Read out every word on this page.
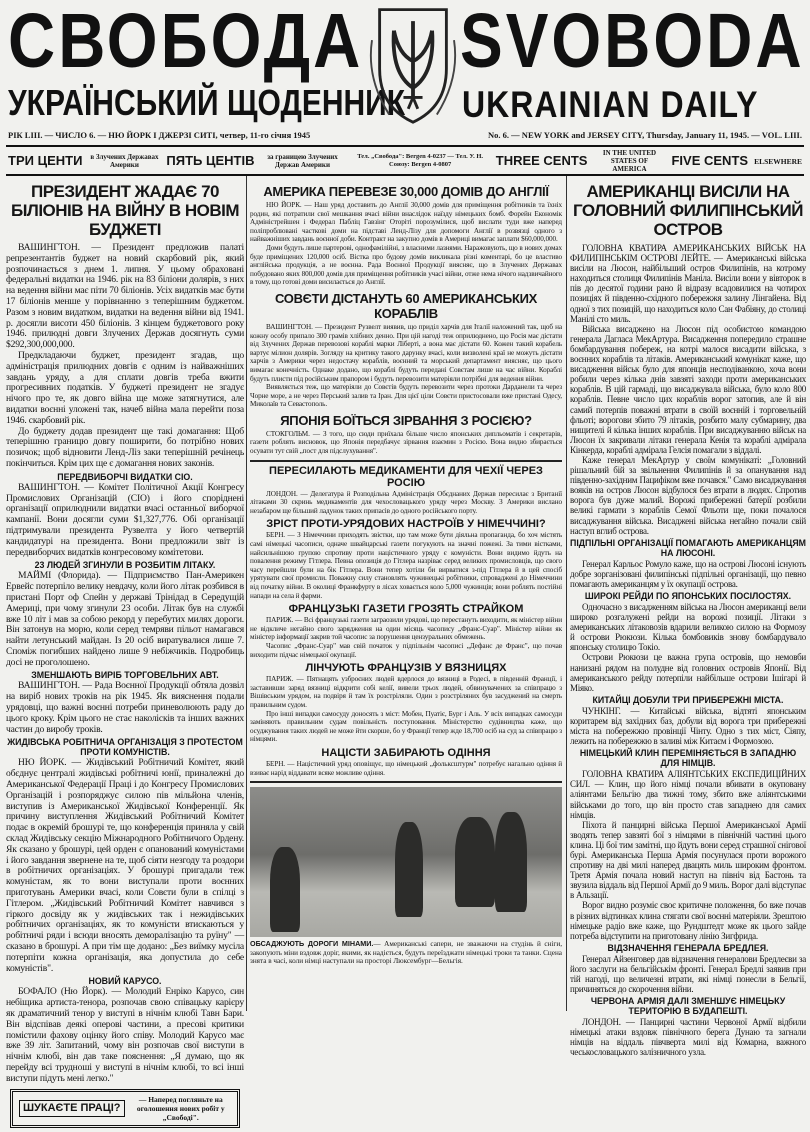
СВОБОДА SVOBODA
УКРАЇНСЬКИЙ ЩОДЕННИК UKRAINIAN DAILY
РІК LIII. — ЧИСЛО 6. — НЮ ЙОРК І ДЖЕРЗІ СИТІ, четвер, 11-го січня 1945	No. 6. — NEW YORK and JERSEY CITY, Thursday, January 11, 1945. — VOL. LIII.
ТРИ ЦЕНТИ в Злучених Державах Америки	ПЯТЬ ЦЕНТІВ	за границею Злучених Держав Америки
Тел. „Свобода": Bergen 4-0237 — Тел. У. Н. Союзу: Bergen 4-0807	THREE CENTS	IN THE UNITED STATES OF AMERICA
FIVE CENTS ELSEWHERE
ПРЕЗИДЕНТ ЖАДАЄ 70 БІЛІОНІВ НА ВІЙНУ В НОВІМ БУДЖЕТІ

ВАШИНГТОН. — Президент предложив палаті репрезентантів буджет на новий скарбовий рік, який розпочинається з днем 1. липня. У цьому обраховані федеральні видатки на 1946. рік на 83 біліони долярів, з них на ведення війни має піти 70 біліонів. Усіх видатків має бути 17 біліонів менше у порівнанню з теперішним буджетом. Разом з новим видатком, видатки на ведення війни від 1941. р. досягли висоти 450 біліонів. З кінцем буджетового року 1946. прилюдні довги Злучених Держав досягнуть суми $292,300,000,000.

Предкладаючи буджет, президент згадав, що адміністрація прилюдних довгів є одним із найважніших завдань уряду, а для сплати довгів треба вжити прогресивних податків. У буджеті президент не згадує нічого про те, як довго війна ще може затягнутися, але видатки воєнні уложені так, начеб війна мала перейти поза 1946. скарбовий рік.

До буджету додав президент ще такі домагання: Щоб теперішню границю довгу поширити, бо потрібно нових позичок; щоб відновити Ленд-Ліз заки теперішній речінець покінчиться. Крім цих ще є домагання нових законів.

ПЕРЕДВИБОРЧІ ВИДАТКИ СІО.

ВАШИНГТОН. — Комітет Політичної Акції Конгресу Промислових Організацій (СІО) і його споріднені організації оприлюднили видатки вчасі останньої виборчої кампанії. Вони досягли суми $1,327,776. Обі організації підтримували президента Рузвелта у його четвертій кандидатурі на президента. Вони предложили звіт із передвиборчих видатків конгресовому комітетови.

23 ЛЮДЕЙ ЗГИНУЛИ В РОЗБИТІМ ЛІТАКУ.

МАЙМІ (Флорида). — Підприємство Пан-Америкен Ервейс потерпіло велику невдачу, коли його літак розбився в пристані Порт оф Спейн у державі Трінідад в Середущій Америці, при чому згинули 23 особи. Літак був на службі вже 10 літ і мав за собою рекорд у перебутих милях дороги. Він затонув на морю, коли серед темряви пільот намагався найти летунський майдан. Із 20 осіб виратувалися лише 7. Споміж погибших найдено лише 9 небіжчиків. Подробиць досі не проголошено.

ЗМЕНШАЮТЬ ВИРІБ ТОРГОВЕЛЬНИХ АВТ.

ВАШИНГТОН. — Рада Воєнної Продукції обтяла дозвіл на виріб нових троків на рік 1945. Як вияснення подали урядовці, що важні воєнні потреби приневолюють раду до цього кроку. Крім цього не стає наколісків та інших важних частин до виробу троків.

ЖИДІВСЬКА РОБІТНИЧА ОРГАНІЗАЦІЯ З ПРОТЕСТОМ ПРОТИ КОМУНІСТІВ.

НЮ ЙОРК. — Жидівський Робітничий Комітет, який обєднує централі жидівські робітничі юнії, приналежні до Американської Федерації Праці і до Конгресу Промислових Організацій і розпоряджує силою пів мільйона членів, виступив із Американської Жидівської Конференції. Як причину виступлення Жидівський Робітничий Комітет подає в окремій брошурі те, що конференція приняла у свій склад Жидівську секцію Міжнародного Робітничого Ордену. Як сказано у брошурі, цей орден є опанований комуністами і його завдання звернене на те, щоб сіяти незгоду та роздори в робітничих організаціях. У брошурі пригадали теж комуністам, як то вони виступали проти воєнних приготувань Америки вчасі, коли Совєти були в спілці з Гітлером. „Жидівський Робітничий Комітет навчився з гіркого досвіду як у жидівських так і нежидівських робітничих організаціях, як то комуністи втискаються у робітничі ряди і всюди вносять деморалізацію та руїну" — сказано в брошурі. А при тім ще додано: „Без виїмку мусіла потерпіти кожна організація, яка допустила до себе комуністів".

НОВИЙ КАРУСО.

БОФАЛО (Ню Йорк). — Молодий Енріко Карусо, син небіщика артиста-тенора, розпочав свою співацьку карієру як драматичний тенор у виступі в нічнім клюбі Тавн Бари. Він відспівав деякі оперові частини, а пресові критики помістили фахову оцінку його співу. Молодий Карусо має вже 39 літ. Запитаний, чому він розпочав свої виступи в нічнім клюбі, він дав таке пояснення: „Я думаю, що як перейду всі трудноші у виступі в нічнім клюбі, то всі інші виступи підуть мені легко."

ШУКАЄТЕ ПРАЦІ?
— Наперед погляньте на оголошення нових робіт у „Свободі".
АМЕРИКА ПЕРЕВЕЗЕ 30,000 ДОМІВ ДО АНГЛІЇ

НЮ ЙОРК. — Наш уряд доставить до Англії 30,000 домів для приміщення робітників та їхніх родин, які потратили свої мешкання вчасі війни внаслідок наїзду німецьких бомб. Форейн Економік Адміністрейшен і Федерал Пабліц Гавзінг Оторіті порозумілися, щоб вислати туди вже наперед поліпроблювані часткові доми на підставі Ленд-Лізу для допомоги Англії в розвязці одного з найважніших завдань воєнної доби. Контракт на закупно домів в Америці вимагає заплати $60,000,000.

Доми будуть лише партерові, однофамілійні, з власними лазнями. Наражовують, що в нових домах буде приміщених 120,000 осіб. Вістка про будову домів викликала різні коментарі, бо це властиво англійська продукція, а не воєнна. Рада Воєнної Продукції виясняє, що в Злучених Державах побудовано яких 800,000 домів для приміщення робітників учасі війни, отже нема нічого надзвичайного в тому, що готові доми висилається до Англії.

СОВЄТИ ДІСТАНУТЬ 60 АМЕРИКАНСЬКИХ КОРАБЛІВ

ВАШИНГТОН. — Президент Рузвелт виявив, що приділ харчів для Італії наложений так, щоб на кожну особу припало 300 грамів хлібних денно. При цій нагоді теж оприлюднено, що Росія має дістати від Злучених Держав перевозові кораблі марки Ліберті, а вона має дістати 60. Кожен такий корабель вартує мілион долярів. Зогляду на критику такого дарунку вчасі, коли визволені краї не можуть дістати харчів з Америки через недостачу кораблів, воєнний та морський департамент виясняє, що цього вимагає конечність. Однаке додано, що кораблі будуть передані Совєтам лише на час війни. Кораблі будуть плисти під російським прапором і будуть перевозити матеріяли потрібні для ведення війни.

Виявляється теж, що матеріяли до Совєтів будуть перевозити через протоки Дарданели та через Чорне море, а не через Перський залив та Іран. Для цієї ціли Совєти пристосовали вже пристані Одесу, Миколаїв та Севастополь.

ЯПОНІЯ БОЇТЬСЯ ЗІРВАННЯ З РОСІЄЮ?

СТОКГОЛЬМ. — З того, що сюди приїхала більше число японських дипльоматів і секретарів, газети роблять висновок, що Японія передбачує зірвання взаємин з Росією. Вона видно збирається осувати тут свій „пост для підслухування".

ПЕРЕСИЛАЮТЬ МЕДИКАМЕНТИ ДЛЯ ЧЕХІЇ ЧЕРЕЗ РОСІЮ

ЛОНДОН. — Делегатура й Розподільна Адміністрація Обєднаних Держав пересилає з Британії літаками 30 скринь медикаментів для чехословацького уряду через Москву. З Америки вислано незабаром ще більший ладунок таких припасів до одного російського порту.

ЗРІСТ ПРОТИ-УРЯДОВИХ НАСТРОЇВ У НІМЕЧЧИНІ?

БЕРН. — З Німеччини приходять звістки, що там може бути діяльна пропаганда, бо хоч містять самі німецькі часописи, одначе швайцарські газети погукують на значні пожежі. За тими вістками, найсильнішою групою спротиву проти націстичного уряду є комуністи. Вони видимо йдуть на повалення режиму Гітлера. Певна опозиція до Гітлера назріває серед великих промисловців, що свого часу перейшли були на бік Гітлера. Вони тепер хотіли би вирватися з-під Гітлера й в цей спосіб урятувати свої промисли. Поважну силу становлять чужинецькі робітники, спроваджені до Німеччини від початку війни. В околиці Франкфурту в лісах ховається коло 5,000 чужинців; вони роблять постійні напади на села й фарми.

ФРАНЦУЗЬКІ ГАЗЕТИ ГРОЗЯТЬ СТРАЙКОМ

ПАРИЖ. — Всі французькі газети заграозили урядові, що перестануть виходити, як міністер війни не відкличе негайно свого зарядження на один місяць часопису „Франс-Суар". Міністер війни як міністер інформації закрив той часопис за порушення цензуральних обмежень.

Часопис „Франс-Суар" мав свій початок у підпільнім часописі „Дефанс де Франс", що почав виходити підчас німецької окупації.

ЛІНЧУЮТЬ ФРАНЦУЗІВ У ВЯЗНИЦЯХ

ПАРИЖ. — Пятнацять узброєних людей вдерлося до вязниці в Родесі, в південній Франції, і заставивши заряд вязниці відкрити собі келії, вивели трьох людей, обвинувачених за співпрацю з Вішівським урядом, на подвіря й там їх розстріляли. Один з розстріляних був засуджений на смерть правильним судом.

Про інші випадки самосуду доносять з міст: Мобен, Пуатіє, Бург і Аль. У всіх випадках самосуди заміняють правильним судам повільність поступовання. Міністерство судівництва каже, що осуджування таких людей не може йти скорше, бо у Франції тепер жде 18,700 осіб на суд за співпрацю з німцями.

НАЦІСТИ ЗАБИРАЮТЬ ОДІННЯ

БЕРН. — Націстичний уряд оповіщує, що німецький „фольксштурм" потребує нагально одіння й взиває нарід віддавати всяке можливе одіння.

ОБСАДЖУЮТЬ ДОРОГИ МІНАМИ.— Американські сапери, не зважаючи на студінь й сніги, закопують міни вздовж доріг, якими, як надіється, будуть переїзджати німецькі троки та танки. Сцена знята в часі, коли німці наступали на просторі Люксембург—Бельгія.
АМЕРИКАНЦІ ВИСІЛИ НА ГОЛОВНИЙ ФИЛИПІНСЬКИЙ ОСТРОВ

ГОЛОВНА КВАТИРА АМЕРИКАНСЬКИХ ВІЙСЬК НА ФИЛИПІНСЬКІМ ОСТРОВІ ЛЕЙТЕ. — Американські війська висіли на Люсон, найбільший остров Филипінів, на котрому находиться столиця Филипінів Маніла. Висіли вони у вівторок в пів до десятої години рано й відразу всадовилися на чотирох позиціях й південно-східного побережжя залину Лінгайена. Від одної з тих позицій, що находиться коло Сан Фабіяну, до столиці Манілі сто миль.

Війська висаджено на Люсон під особистою командою генерала Дагласа МекАртура. Висадження попередило страшне бомбардування побереж, на котрі малося висадити війська, з воєнних кораблів та літаків. Американський комунікат каже, що висадження військ було для японців несподіванкою, хоча вони робили через кілька днів завзяті заходи проти американських кораблів. В цій гармаді, що висаджувала війська, було коло 800 кораблів. Певне число цих кораблів ворог затопив, але й він самий потерпів поважні втрати в своїй воєнній і торговельній фльоті; ворогови збито 79 літаків, розбито малу субмарину, два нищителі й кілька інших кораблів. При висаджуванню військ на Люсон їх закривали літаки генерала Кенія та кораблі адмірала Кінкерда, кораблі адмірала Гелсія помагали з віддалі.

Каже генерал МекАртур у своїм комунікаті: „Головний рішальний бій за звільнення Филипінів й за опанування над південно-західним Пацифіком вже почався." Само висаджування вояків на остров Люсон відбулося без втрати в людях. Спротив ворога був дуже малий. Ворожі прибережні батерії розбили великі гармати з кораблів Семої Фльоти ще, поки почалося висаджування війська. Висаджені війська негайно почали свій наступ вглиб острова.

ПІДПІЛЬНІ ОРГАНІЗАЦІЇ ПОМАГАЮТЬ АМЕРИКАНЦЯМ НА ЛЮСОНІ.

Генерал Карльос Ромуло каже, що на острові Люсоні існують добре зорганізовані филипінські підпільні організації, що певно помагають американцям у їх окупації острова.

ШИРОКІ РЕЙДИ ПО ЯПОНСЬКИХ ПОСІЛОСТЯХ.

Одночасно з висадженням війська на Люсон американці вели широко розгалужені рейди на ворожі позиції. Літаки з американських літаковозів вдарили великою силою на Формозу й острови Рюкюзи. Кілька бомбовиків знову бомбардувало японську столицю Токіо.

Острови Рюкюзи це важна група островів, що немовби нанизані рядом на полудне від головних островів Японії. Від американського рейду потерпіли найбільше острови Ішігарі й Міяко.

КИТАЙЦІ ДОБУЛИ ТРИ ПРИБЕРЕЖНІ МІСТА.

ЧУНКІНГ. — Китайські війська, відтяті японським коритарем від західних баз, добули від ворога три прибережні міста на побережжю провінції Чінту. Одно з тих міст, Сіяпу, лежить на побережжю в заливі між Китаєм і Формозою.

НІМЕЦЬКИЙ КЛИН ПЕРЕМІНЯЄТЬСЯ В ЗАПАДНЮ ДЛЯ НІМЦІВ.

ГОЛОВНА КВАТИРА АЛІЯНТСЬКИХ ЕКСПЕДИЦІЙНИХ СИЛ. — Клин, що його німці почали вбивати в окуповану аліянтами Бельгію два тижні тому, збито вже аліянтськими військами до того, що він просто став западнею для самих німців.

Піхота й панцирні війська Першої Американської Армії зводять тепер завзяті бої з німцями в північній частині цього клина. Ці бої тим замітні, що йдуть вони серед страшної снігової бурі. Американська Перша Армія посунулася проти ворожого спротиву на дві милі наперед двацять миль широким фронтом. Третя Армія почала новий наступ на північ від Бастонь та звузила віддаль від Першої Армії до 9 миль. Ворог далі відступає в Альзації.

Ворог видно розуміє своє критичне положення, бо вже почав в різних відтинках клина стягати свої воєнні матеріяли. Зрештою німецьке радіо вже каже, що Рундштедт може як цього зайде потреба відступити на приготовану лінію Зигфрида.

ВІДЗНАЧЕННЯ ГЕНЕРАЛА БРЕДЛЕЯ.

Генерал Айзенговер дав відзначення генералови Бредлеєви за його заслуги на бельгійськім фронті. Генерал Бредлі заявив при тій нагоді, що величезні втрати, які німці понесли в Бельгії, причиняться до скорочення війни.

ЧЕРВОНА АРМІЯ ДАЛІ ЗМЕНШУЄ НІМЕЦЬКУ ТЕРИТОРІЮ В БУДАПЕШТІ.

ЛОНДОН. — Панцирні частини Червоної Армії відбили німецькі атаки вздовж північного берега Дунаю та загнали німців на віддаль півчверта милі від Комарна, важного чеськословацького залізничного узла.
